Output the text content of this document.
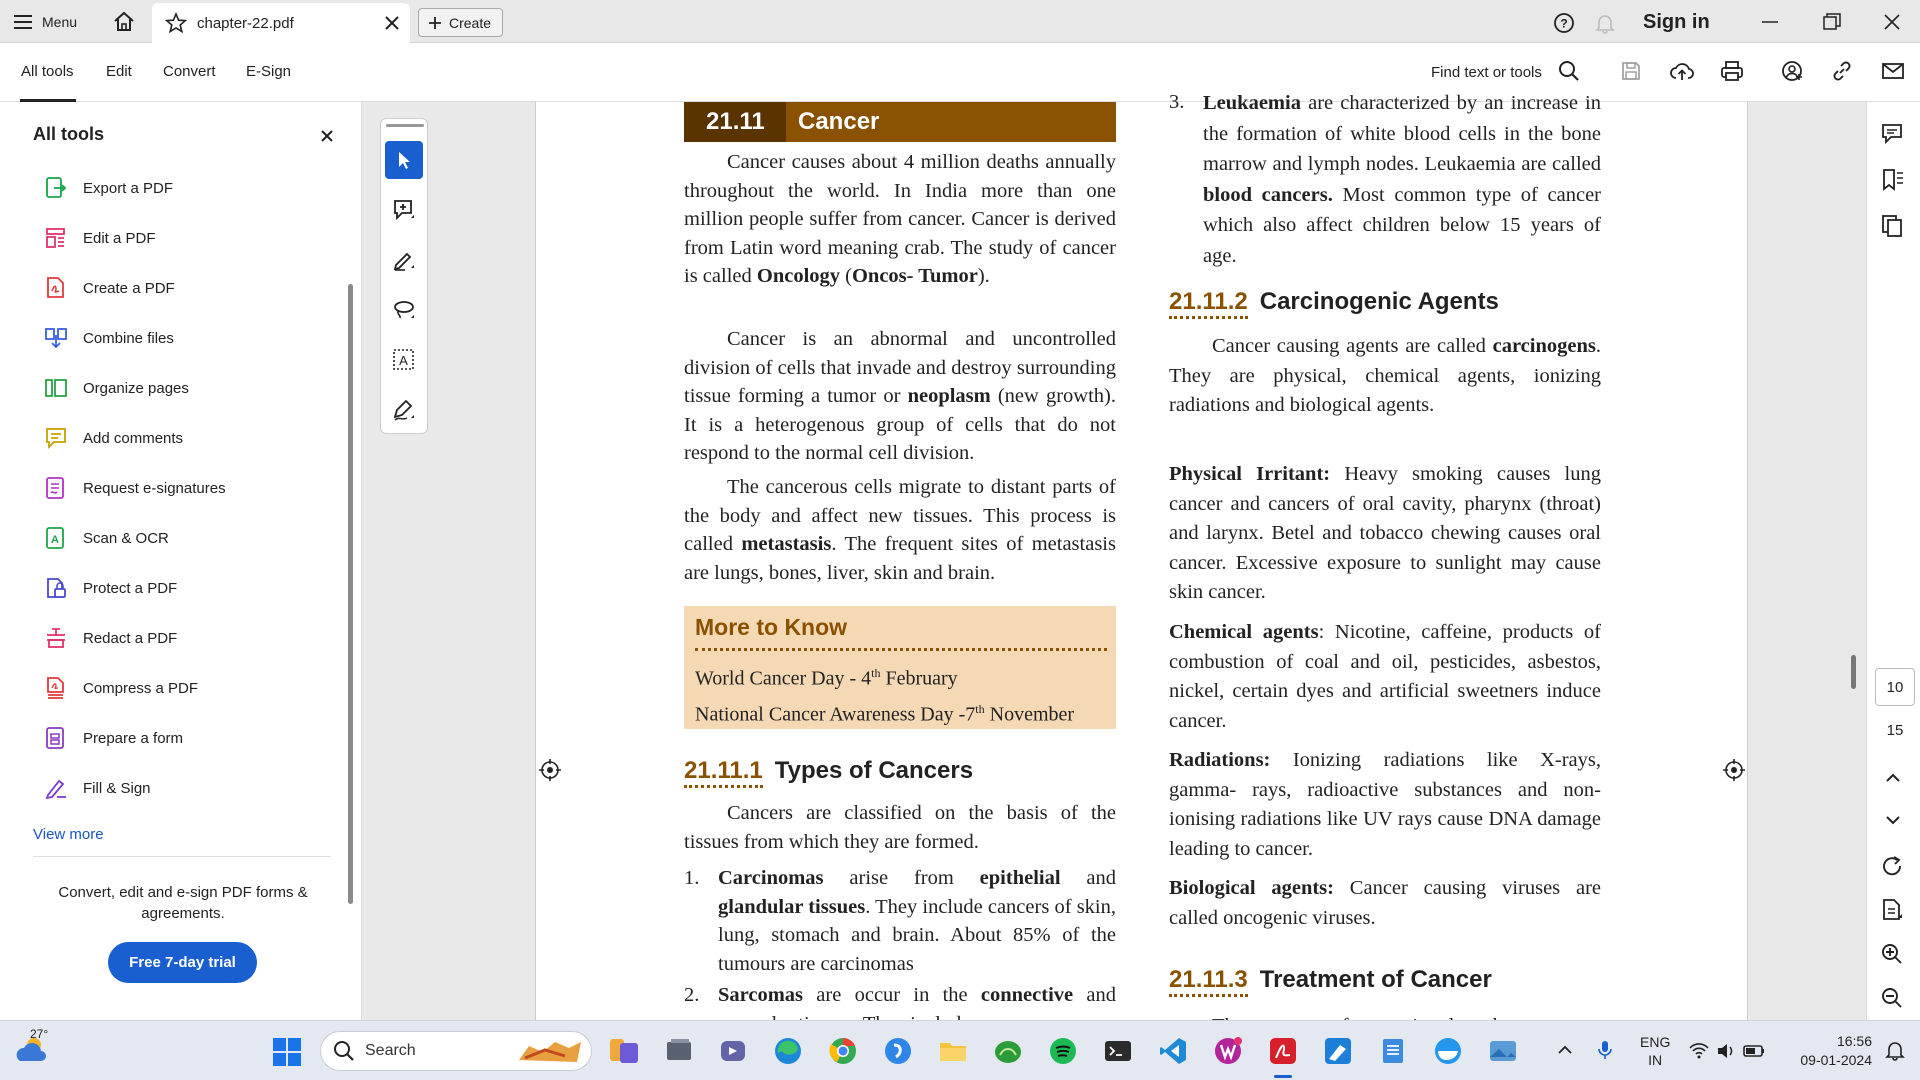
Menu	chapter-22.pdf	Create	?	Sign in
All tools Edit Convert E-Sign	Find text or tools
All tools
Export a PDF
Edit a PDF
Create a PDF
Combine files
Organize pages
Add comments
Request e-signatures
A Scan & OCR
Protect a PDF
Redact a PDF
Compress a PDF
Prepare a form
Fill & Sign
View more
Convert, edit and e-sign PDF forms & agreements.
Free 7-day trial
A
21.11	Cancer
Cancer causes about 4 million deaths annually throughout the world. In India more than one million people suffer from cancer. Cancer is derived from Latin word meaning crab. The study of cancer is called Oncology (Oncos- Tumor).
Cancer is an abnormal and uncontrolled division of cells that invade and destroy surrounding tissue forming a tumor or neoplasm (new growth). It is a heterogenous group of cells that do not respond to the normal cell division.
The cancerous cells migrate to distant parts of the body and affect new tissues. This process is called metastasis. The frequent sites of metastasis are lungs, bones, liver, skin and brain.
More to Know
World Cancer Day - 4th February
National Cancer Awareness Day -7th November
21.11.1 Types of Cancers
Cancers are classified on the basis of the tissues from which they are formed.
1. Carcinomas arise from epithelial and glandular tissues. They include cancers of skin, lung, stomach and brain. About 85% of the tumours are carcinomas
2. Sarcomas are occur in the connective and
3. Leukaemia are characterized by an increase in the formation of white blood cells in the bone marrow and lymph nodes. Leukaemia are called blood cancers. Most common type of cancer which also affect children below 15 years of age.
21.11.2 Carcinogenic Agents
Cancer causing agents are called carcinogens. They are physical, chemical agents, ionizing radiations and biological agents.
Physical Irritant: Heavy smoking causes lung cancer and cancers of oral cavity, pharynx (throat) and larynx. Betel and tobacco chewing causes oral cancer. Excessive exposure to sunlight may cause skin cancer.
Chemical agents: Nicotine, caffeine, products of combustion of coal and oil, pesticides, asbestos, nickel, certain dyes and artificial sweetners induce cancer.
Radiations: Ionizing radiations like X-rays, gamma- rays, radioactive substances and non-ionising radiations like UV rays cause DNA damage leading to cancer.
Biological agents: Cancer causing viruses are called oncogenic viruses.
21.11.3 Treatment of Cancer
10
15
27°
Search	ENG
IN
16:56
09-01-2024
